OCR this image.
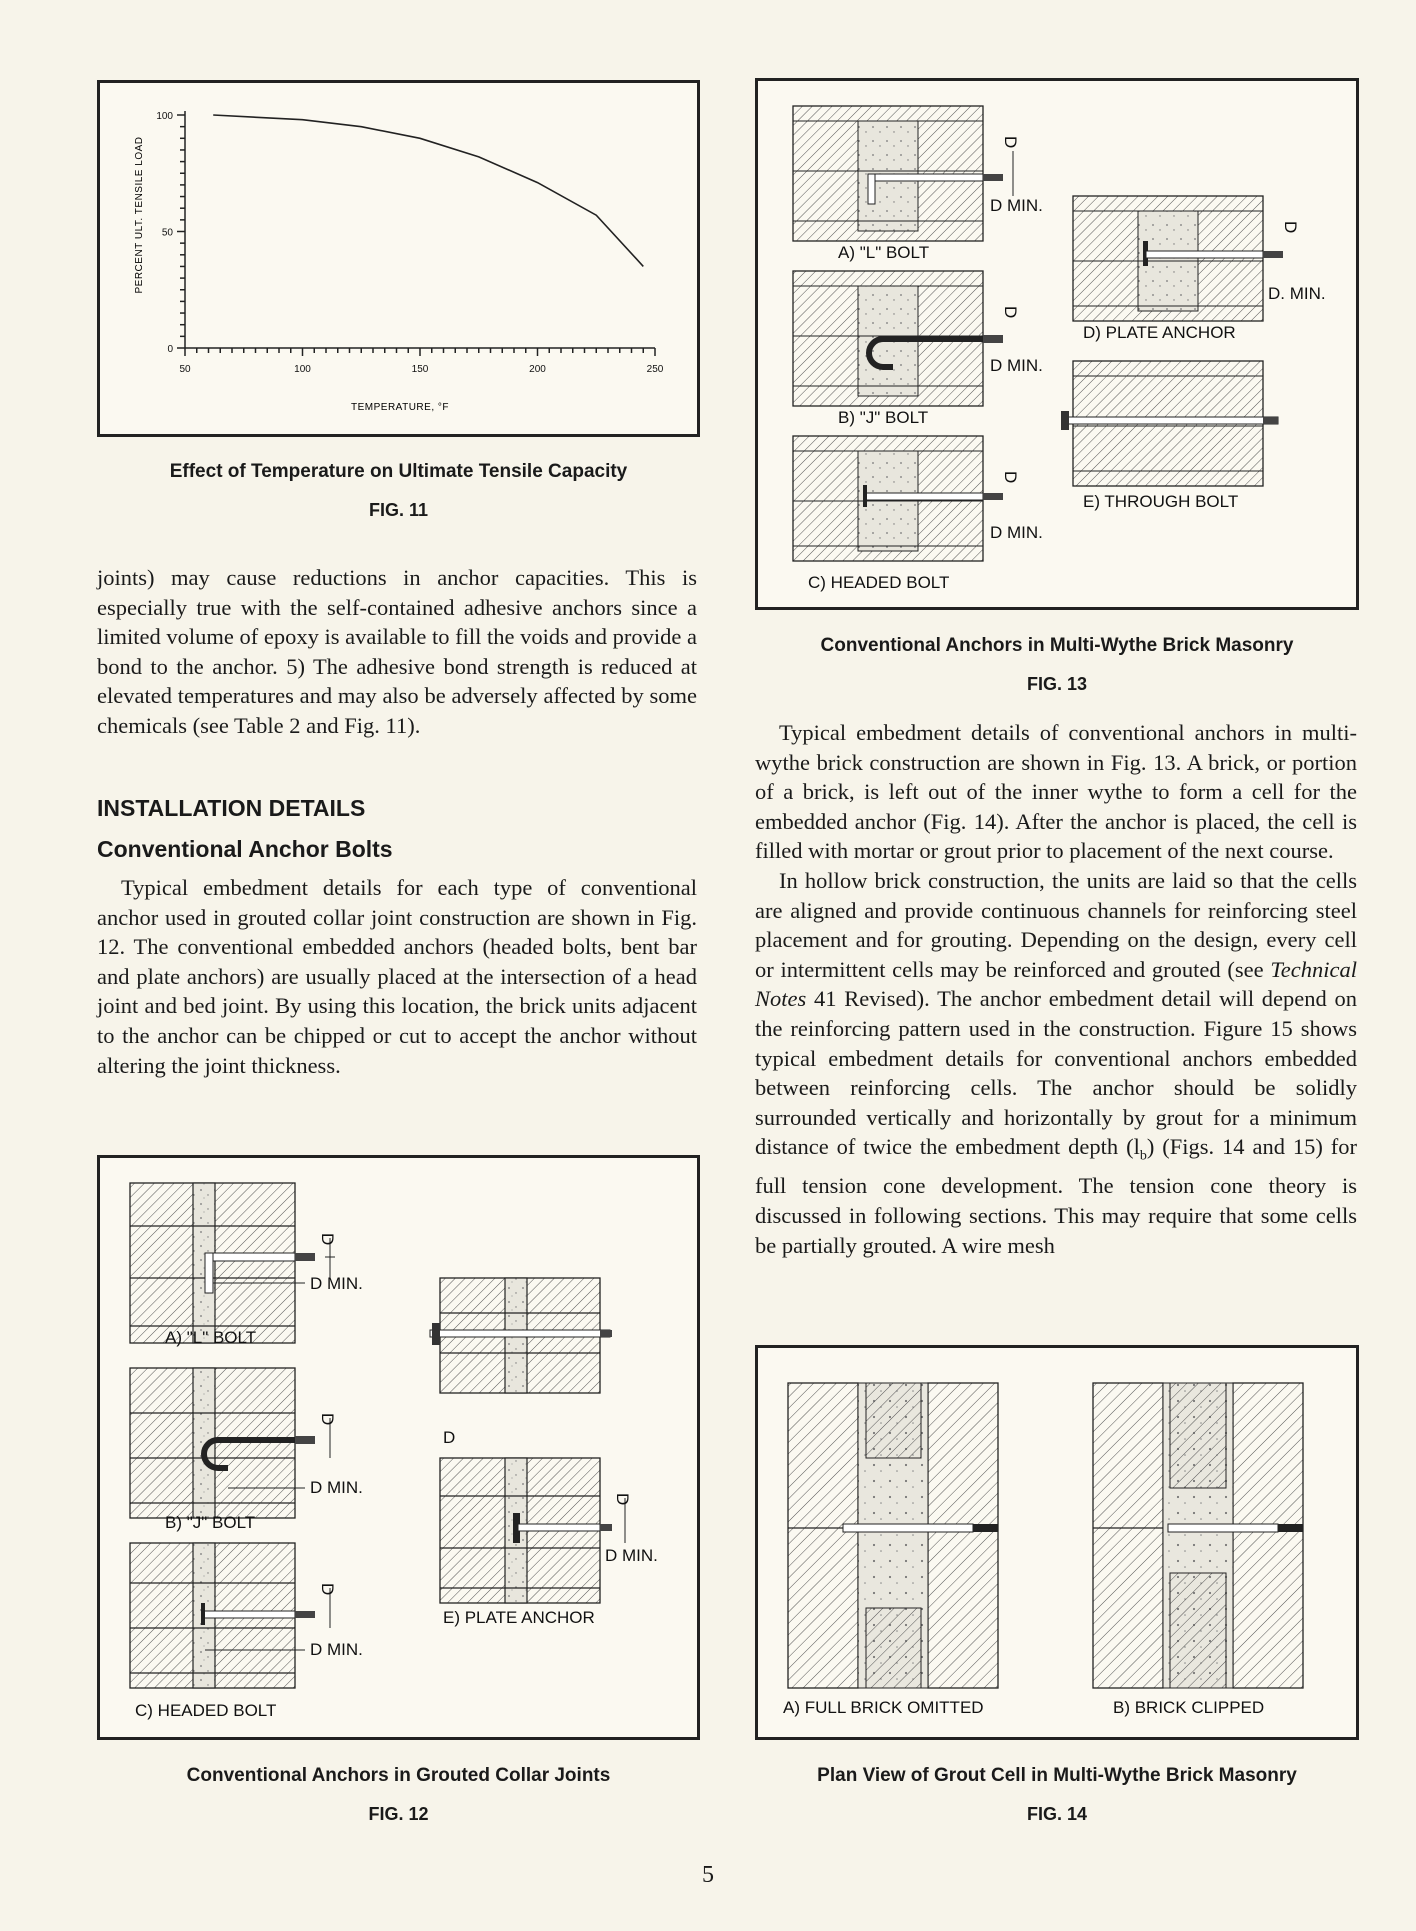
50	100	150	200	250
0
50
100
TEMPERATURE, °F
PERCENT ULT. TENSILE LOAD
Effect of Temperature on Ultimate Tensile Capacity
FIG. 11

joints) may cause reductions in anchor capacities. This is especially true with the self-contained adhesive anchors since a limited volume of epoxy is available to fill the voids and provide a bond to the anchor. 5) The adhesive bond strength is reduced at elevated temperatures and may also be adversely affected by some chemicals (see Table 2 and Fig. 11).

INSTALLATION DETAILS
Conventional Anchor Bolts

Typical embedment details for each type of conventional anchor used in grouted collar joint construction are shown in Fig. 12. The conventional embedded anchors (headed bolts, bent bar and plate anchors) are usually placed at the intersection of a head joint and bed joint. By using this location, the brick units adjacent to the anchor can be chipped or cut to accept the anchor without altering the joint thickness.

D
D MIN.
A) "L" BOLT
D
D MIN.
B) "J" BOLT
D
D MIN.
C) HEADED BOLT
D
D
D MIN.
E) PLATE ANCHOR
Conventional Anchors in Grouted Collar Joints
FIG. 12
D
D MIN.
A) "L" BOLT
D
D MIN.
B) "J" BOLT
D
D MIN.
C) HEADED BOLT
D
D. MIN.
D) PLATE ANCHOR
E) THROUGH BOLT
Conventional Anchors in Multi-Wythe Brick Masonry
FIG. 13

Typical embedment details of conventional anchors in multi-wythe brick construction are shown in Fig. 13. A brick, or portion of a brick, is left out of the inner wythe to form a cell for the embedded anchor (Fig. 14). After the anchor is placed, the cell is filled with mortar or grout prior to placement of the next course.

In hollow brick construction, the units are laid so that the cells are aligned and provide continuous channels for reinforcing steel placement and for grouting. Depending on the design, every cell or intermittent cells may be reinforced and grouted (see Technical Notes 41 Revised). The anchor embedment detail will depend on the reinforcing pattern used in the construction. Figure 15 shows typical embedment details for conventional anchors embedded between reinforcing cells. The anchor should be solidly surrounded vertically and horizontally by grout for a minimum distance of twice the embedment depth $(l_b)$ (Figs. 14 and 15) for full tension cone development. The tension cone theory is discussed in following sections. This may require that some cells be partially grouted. A wire mesh

A) FULL BRICK OMITTED	B) BRICK CLIPPED
Plan View of Grout Cell in Multi-Wythe Brick Masonry
FIG. 14
5
